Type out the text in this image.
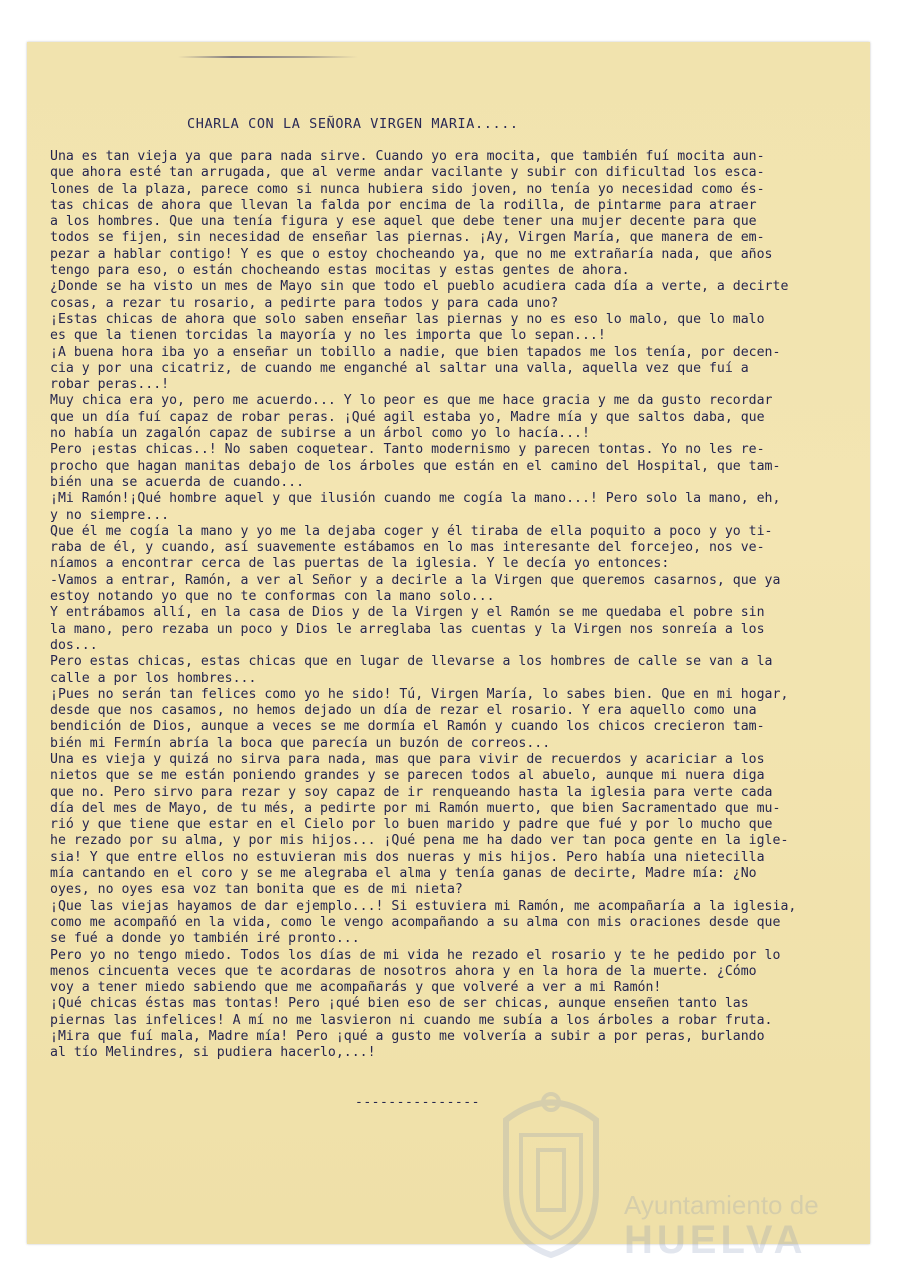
CHARLA CON LA SEÑORA VIRGEN MARIA.....
Una es tan vieja ya que para nada sirve. Cuando yo era mocita, que también fuí mocita aun-
que ahora esté tan arrugada, que al verme andar vacilante y subir con dificultad los esca-
lones de la plaza, parece como si nunca hubiera sido joven, no tenía yo necesidad como és-
tas chicas de ahora que llevan la falda por encima de la rodilla, de pintarme para atraer
a los hombres. Que una tenía figura y ese aquel que debe tener una mujer decente para que
todos se fijen, sin necesidad de enseñar las piernas. ¡Ay, Virgen María, que manera de em-
pezar a hablar contigo! Y es que o estoy chocheando ya, que no me extrañaría nada, que años
tengo para eso, o están chocheando estas mocitas y estas gentes de ahora.
¿Donde se ha visto un mes de Mayo sin que todo el pueblo acudiera cada día a verte, a decirte
cosas, a rezar tu rosario, a pedirte para todos y para cada uno?
¡Estas chicas de ahora que solo saben enseñar las piernas y no es eso lo malo, que lo malo
es que la tienen torcidas la mayoría y no les importa que lo sepan...!
¡A buena hora iba yo a enseñar un tobillo a nadie, que bien tapados me los tenía, por decen-
cia y por una cicatriz, de cuando me enganché al saltar una valla, aquella vez que fuí a
robar peras...!
Muy chica era yo, pero me acuerdo... Y lo peor es que me hace gracia y me da gusto recordar
que un día fuí capaz de robar peras. ¡Qué agil estaba yo, Madre mía y que saltos daba, que
no había un zagalón capaz de subirse a un árbol como yo lo hacía...!
Pero ¡estas chicas..! No saben coquetear. Tanto modernismo y parecen tontas. Yo no les re-
procho que hagan manitas debajo de los árboles que están en el camino del Hospital, que tam-
bién una se acuerda de cuando...
¡Mi Ramón!¡Qué hombre aquel y que ilusión cuando me cogía la mano...! Pero solo la mano, eh,
y no siempre...
Que él me cogía la mano y yo me la dejaba coger y él tiraba de ella poquito a poco y yo ti-
raba de él, y cuando, así suavemente estábamos en lo mas interesante del forcejeo, nos ve-
níamos a encontrar cerca de las puertas de la iglesia. Y le decía yo entonces:
-Vamos a entrar, Ramón, a ver al Señor y a decirle a la Virgen que queremos casarnos, que ya
estoy notando yo que no te conformas con la mano solo...
Y entrábamos allí, en la casa de Dios y de la Virgen y el Ramón se me quedaba el pobre sin
la mano, pero rezaba un poco y Dios le arreglaba las cuentas y la Virgen nos sonreía a los
dos...
Pero estas chicas, estas chicas que en lugar de llevarse a los hombres de calle se van a la
calle a por los hombres...
¡Pues no serán tan felices como yo he sido! Tú, Virgen María, lo sabes bien. Que en mi hogar,
desde que nos casamos, no hemos dejado un día de rezar el rosario. Y era aquello como una
bendición de Dios, aunque a veces se me dormía el Ramón y cuando los chicos crecieron tam-
bién mi Fermín abría la boca que parecía un buzón de correos...
Una es vieja y quizá no sirva para nada, mas que para vivir de recuerdos y acariciar a los
nietos que se me están poniendo grandes y se parecen todos al abuelo, aunque mi nuera diga
que no. Pero sirvo para rezar y soy capaz de ir renqueando hasta la iglesia para verte cada
día del mes de Mayo, de tu més, a pedirte por mi Ramón muerto, que bien Sacramentado que mu-
rió y que tiene que estar en el Cielo por lo buen marido y padre que fué y por lo mucho que
he rezado por su alma, y por mis hijos... ¡Qué pena me ha dado ver tan poca gente en la igle-
sia! Y que entre ellos no estuvieran mis dos nueras y mis hijos. Pero había una nietecilla
mía cantando en el coro y se me alegraba el alma y tenía ganas de decirte, Madre mía: ¿No
oyes, no oyes esa voz tan bonita que es de mi nieta?
¡Que las viejas hayamos de dar ejemplo...! Si estuviera mi Ramón, me acompañaría a la iglesia,
como me acompañó en la vida, como le vengo acompañando a su alma con mis oraciones desde que
se fué a donde yo también iré pronto...
Pero yo no tengo miedo. Todos los días de mi vida he rezado el rosario y te he pedido por lo
menos cincuenta veces que te acordaras de nosotros ahora y en la hora de la muerte. ¿Cómo
voy a tener miedo sabiendo que me acompañarás y que volveré a ver a mi Ramón!
¡Qué chicas éstas mas tontas! Pero ¡qué bien eso de ser chicas, aunque enseñen tanto las
piernas las infelices! A mí no me lasvieron ni cuando me subía a los árboles a robar fruta.
¡Mira que fuí mala, Madre mía! Pero ¡qué a gusto me volvería a subir a por peras, burlando
al tío Melindres, si pudiera hacerlo,...!
---------------
Ayuntamiento de
HUELVA
